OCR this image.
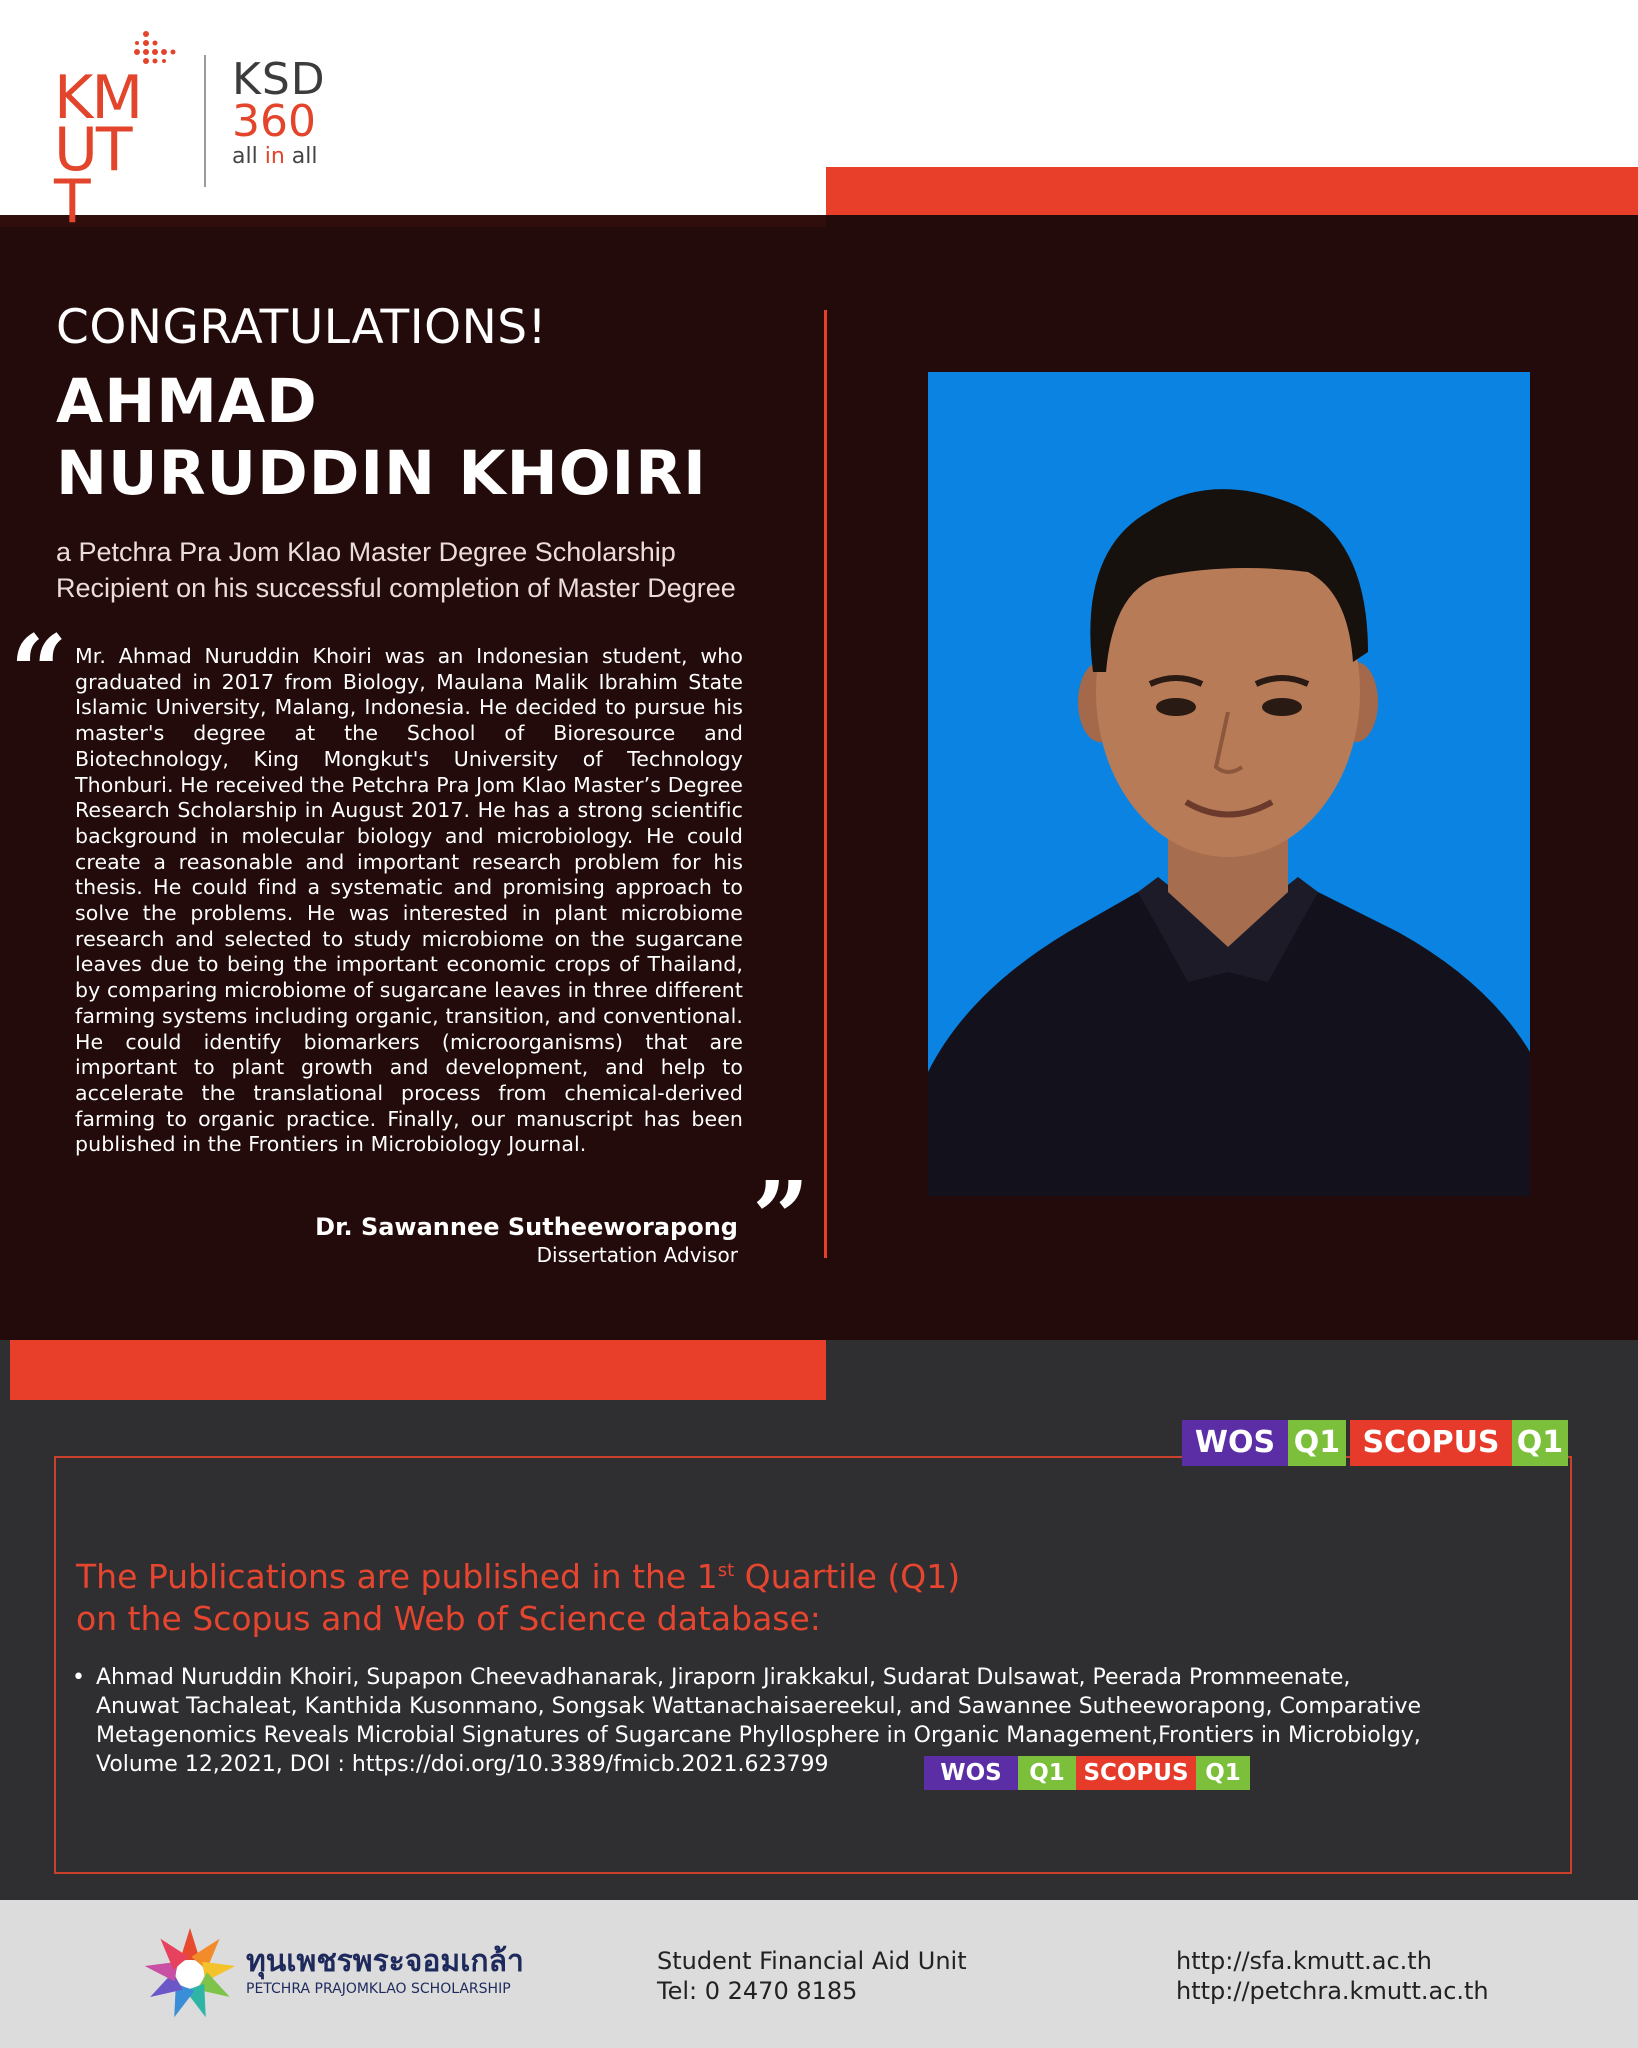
KM
UTT
KSD
360
all in all
CONGRATULATIONS!
AHMAD
NURUDDIN KHOIRI
a Petchra Pra Jom Klao Master Degree Scholarship
Recipient on his successful completion of Master Degree
“ Mr. Ahmad Nuruddin Khoiri was an Indonesian student, who graduated in 2017 from Biology, Maulana Malik Ibrahim State Islamic University, Malang, Indonesia. He decided to pursue his master's degree at the School of Bioresource and Biotechnology, King Mongkut's University of Technology Thonburi. He received the Petchra Pra Jom Klao Master’s Degree Research Scholarship in August 2017. He has a strong scientific background in molecular biology and microbiology. He could create a reasonable and important research problem for his thesis. He could find a systematic and promising approach to solve the problems. He was interested in plant microbiome research and selected to study microbiome on the sugarcane leaves due to being the important economic crops of Thailand, by comparing microbiome of sugarcane leaves in three different farming systems including organic, transition, and conventional. He could identify biomarkers (microorganisms) that are important to plant growth and development, and help to accelerate the translational process from chemical-derived farming to organic practice. Finally, our manuscript has been published in the Frontiers in Microbiology Journal.
”
Dr. Sawannee Sutheeworapong
Dissertation Advisor
WOS Q1 SCOPUS Q1
The Publications are published in the 1st Quartile (Q1)
on the Scopus and Web of Science database:
• Ahmad Nuruddin Khoiri, Supapon Cheevadhanarak, Jiraporn Jirakkakul, Sudarat Dulsawat, Peerada Prommeenate,
Anuwat Tachaleat, Kanthida Kusonmano, Songsak Wattanachaisaereekul, and Sawannee Sutheeworapong, Comparative
Metagenomics Reveals Microbial Signatures of Sugarcane Phyllosphere in Organic Management,Frontiers in Microbiolgy,
Volume 12,2021, DOI : https://doi.org/10.3389/fmicb.2021.623799	WOS	Q1 SCOPUS Q1
ทุนเพชรพระจอมเกล้า
PETCHRA PRAJOMKLAO SCHOLARSHIP
Student Financial Aid Unit
Tel: 0 2470 8185
http://sfa.kmutt.ac.th
http://petchra.kmutt.ac.th
